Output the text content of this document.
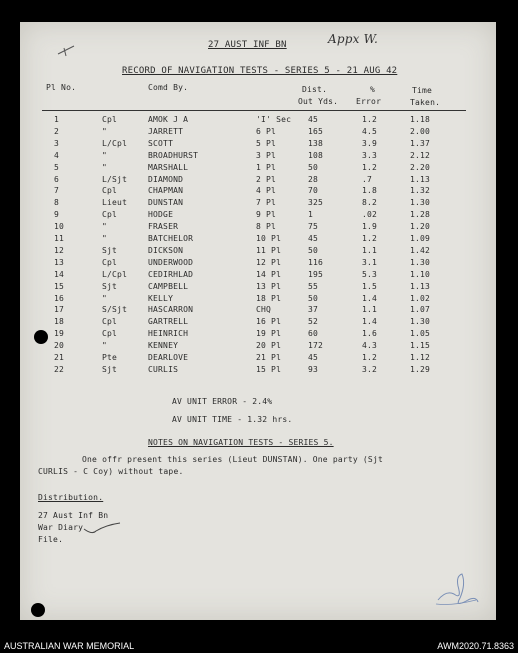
Appx W.
27 AUST INF BN
RECORD OF NAVIGATION TESTS - SERIES 5 - 21 AUG 42
Pl No.	Comd By.	Dist.
Out Yds.
%
Error
Time
Taken.
1	Cpl	AMOK J A	'I' Sec 45	1.2	1.18
2	"	JARRETT	6 Pl	165	4.5	2.00
3	L/Cpl	SCOTT	5 Pl	138	3.9	1.37
4	"	BROADHURST	3 Pl	108	3.3	2.12
5	"	MARSHALL	1 Pl	50	1.2	2.20
6	L/Sjt	DIAMOND	2 Pl	28	.7	1.13
7	Cpl	CHAPMAN	4 Pl	70	1.8	1.32
8	Lieut	DUNSTAN	7 Pl	325	8.2	1.30
9	Cpl	HODGE	9 Pl	1	.02	1.28
10	"	FRASER	8 Pl	75	1.9	1.20
11	"	BATCHELOR	10 Pl	45	1.2	1.09
12	Sjt	DICKSON	11 Pl	50	1.1	1.42
13	Cpl	UNDERWOOD	12 Pl	116	3.1	1.30
14	L/Cpl	CEDIRHLAD	14 Pl	195	5.3	1.10
15	Sjt	CAMPBELL	13 Pl	55	1.5	1.13
16	"	KELLY	18 Pl	50	1.4	1.02
17	S/Sjt	HASCARRON	CHQ	37	1.1	1.07
18	Cpl	GARTRELL	16 Pl	52	1.4	1.30
19	Cpl	HEINRICH	19 Pl	60	1.6	1.05
20	"	KENNEY	20 Pl	172	4.3	1.15
21	Pte	DEARLOVE	21 Pl	45	1.2	1.12
22	Sjt	CURLIS	15 Pl	93	3.2	1.29
AV UNIT ERROR - 2.4%
AV UNIT TIME - 1.32 hrs.
NOTES ON NAVIGATION TESTS - SERIES 5.
One offr present this series (Lieut DUNSTAN). One party (Sjt
CURLIS - C Coy) without tape.
Distribution.
27 Aust Inf Bn
War Diary
File.
AUSTRALIAN WAR MEMORIAL	AWM2020.71.8363
